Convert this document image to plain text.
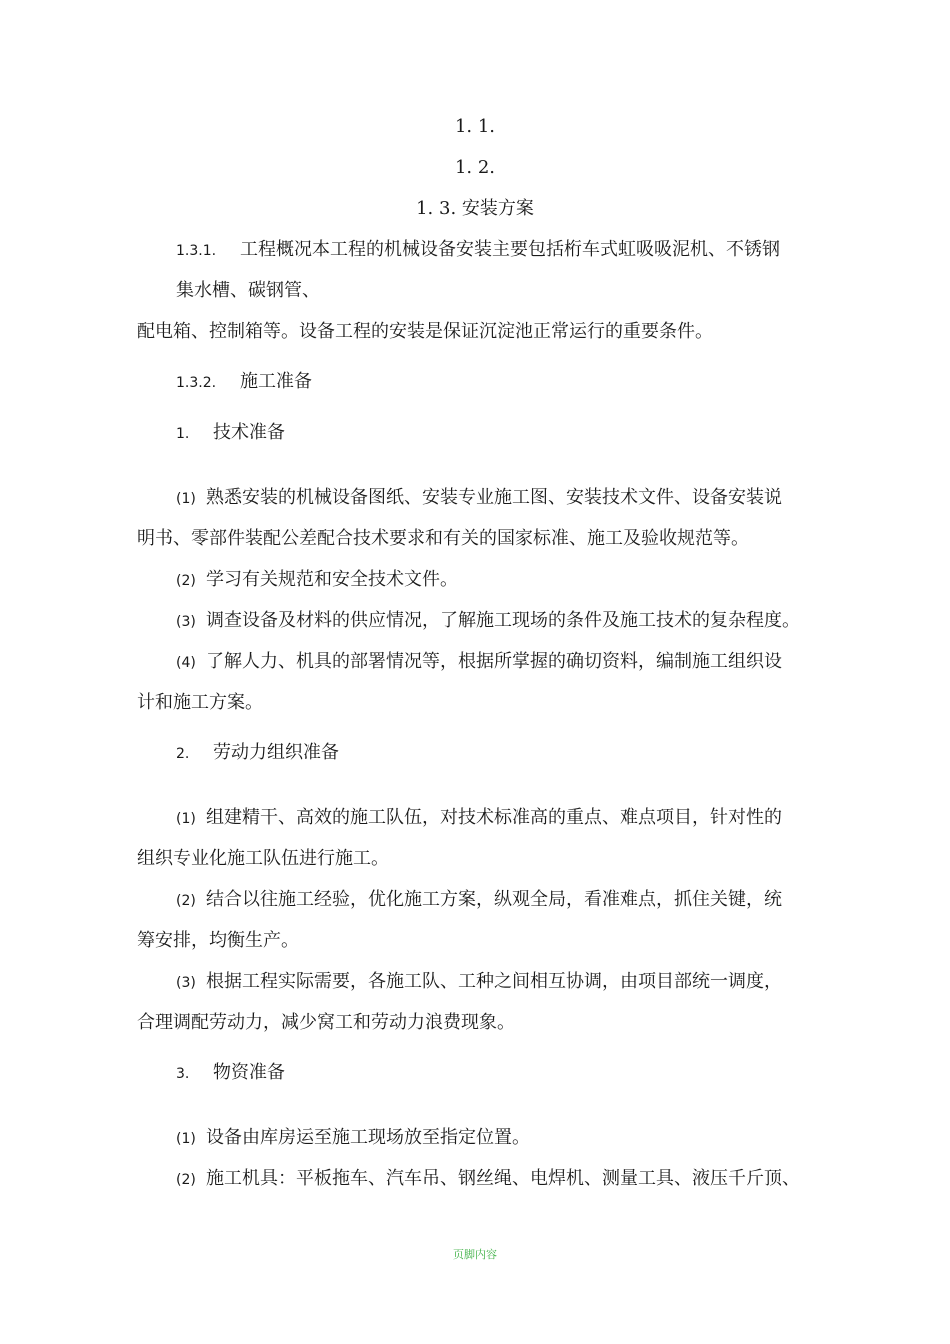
1. 1.
1. 2.
1. 3. 安装方案
1.3.1. 工程概况本工程的机械设备安装主要包括桁车式虹吸吸泥机、不锈钢
集水槽、碳钢管、
配电箱、控制箱等。设备工程的安装是保证沉淀池正常运行的重要条件。
1.3.2. 施工准备
1. 技术准备
(1) 熟悉安装的机械设备图纸、安装专业施工图、安装技术文件、设备安装说
明书、零部件装配公差配合技术要求和有关的国家标准、施工及验收规范等。
(2) 学习有关规范和安全技术文件。
(3) 调查设备及材料的供应情况，了解施工现场的条件及施工技术的复杂程度。
(4) 了解人力、机具的部署情况等，根据所掌握的确切资料，编制施工组织设
计和施工方案。
2. 劳动力组织准备
(1) 组建精干、高效的施工队伍，对技术标准高的重点、难点项目，针对性的
组织专业化施工队伍进行施工。
(2) 结合以往施工经验，优化施工方案，纵观全局，看准难点，抓住关键，统
筹安排，均衡生产。
(3) 根据工程实际需要，各施工队、工种之间相互协调，由项目部统一调度，
合理调配劳动力，减少窝工和劳动力浪费现象。
3. 物资准备
(1) 设备由库房运至施工现场放至指定位置。
(2) 施工机具：平板拖车、汽车吊、钢丝绳、电焊机、测量工具、液压千斤顶、
页脚内容
